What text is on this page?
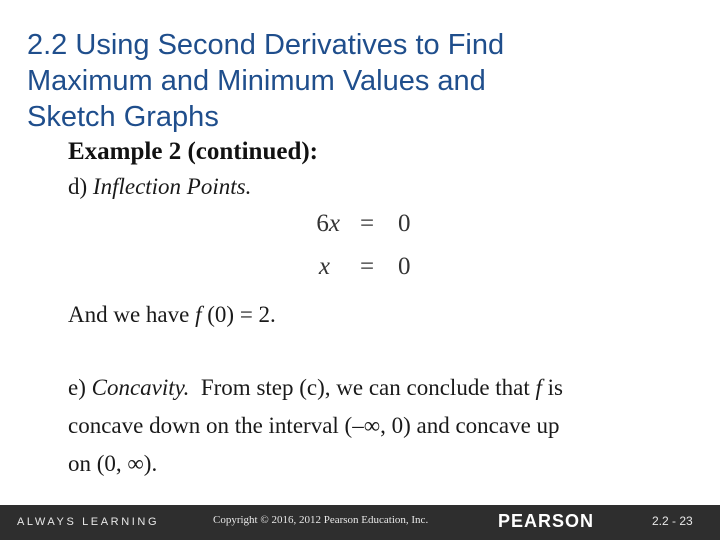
2.2 Using Second Derivatives to Find
Maximum and Minimum Values and
Sketch Graphs
Example 2 (continued):
d) Inflection Points.
6x = 0
x	= 0
And we have f (0) = 2.
e) Concavity.  From step (c), we can conclude that f is
concave down on the interval (–∞, 0) and concave up
on (0, ∞).
ALWAYS LEARNING	Copyright © 2016, 2012 Pearson Education, Inc.	PEARSON	2.2 - 23
